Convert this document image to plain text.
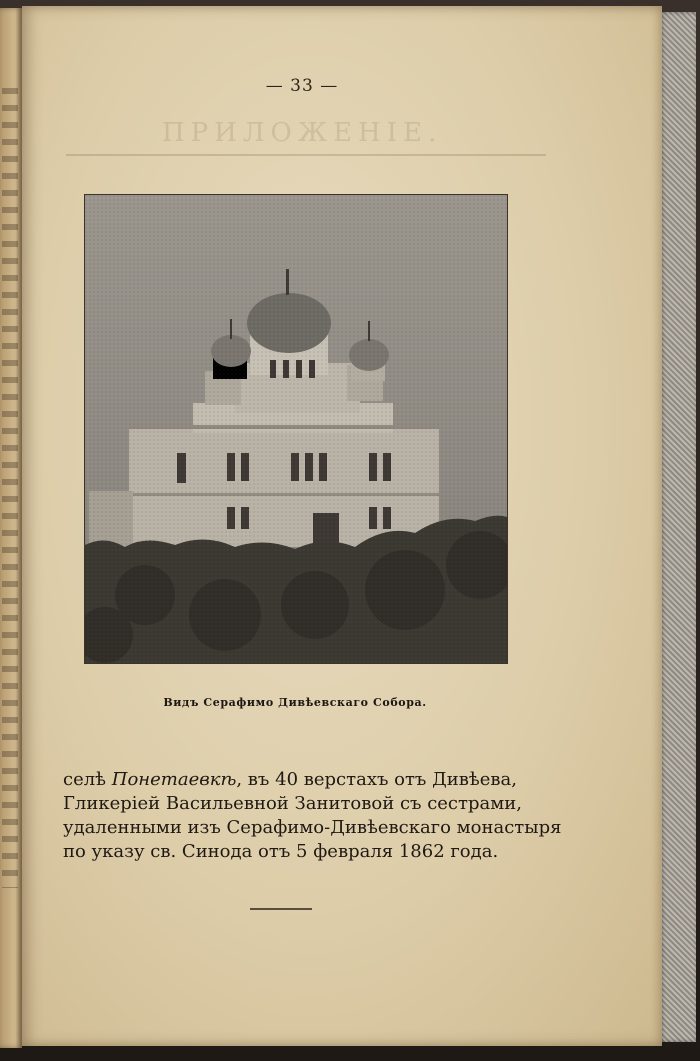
ПРИЛОЖЕНІЕ.
— 33 —
Видъ Серафимо Дивѣевскаго Собора.
селѣ Понетаевкѣ, въ 40 верстахъ отъ Дивѣева,
Гликеріей Васильевной Занитовой съ сестрами,
удаленными изъ Серафимо-Дивѣевскаго монастыря
по указу св. Синода отъ 5 февраля 1862 года.
